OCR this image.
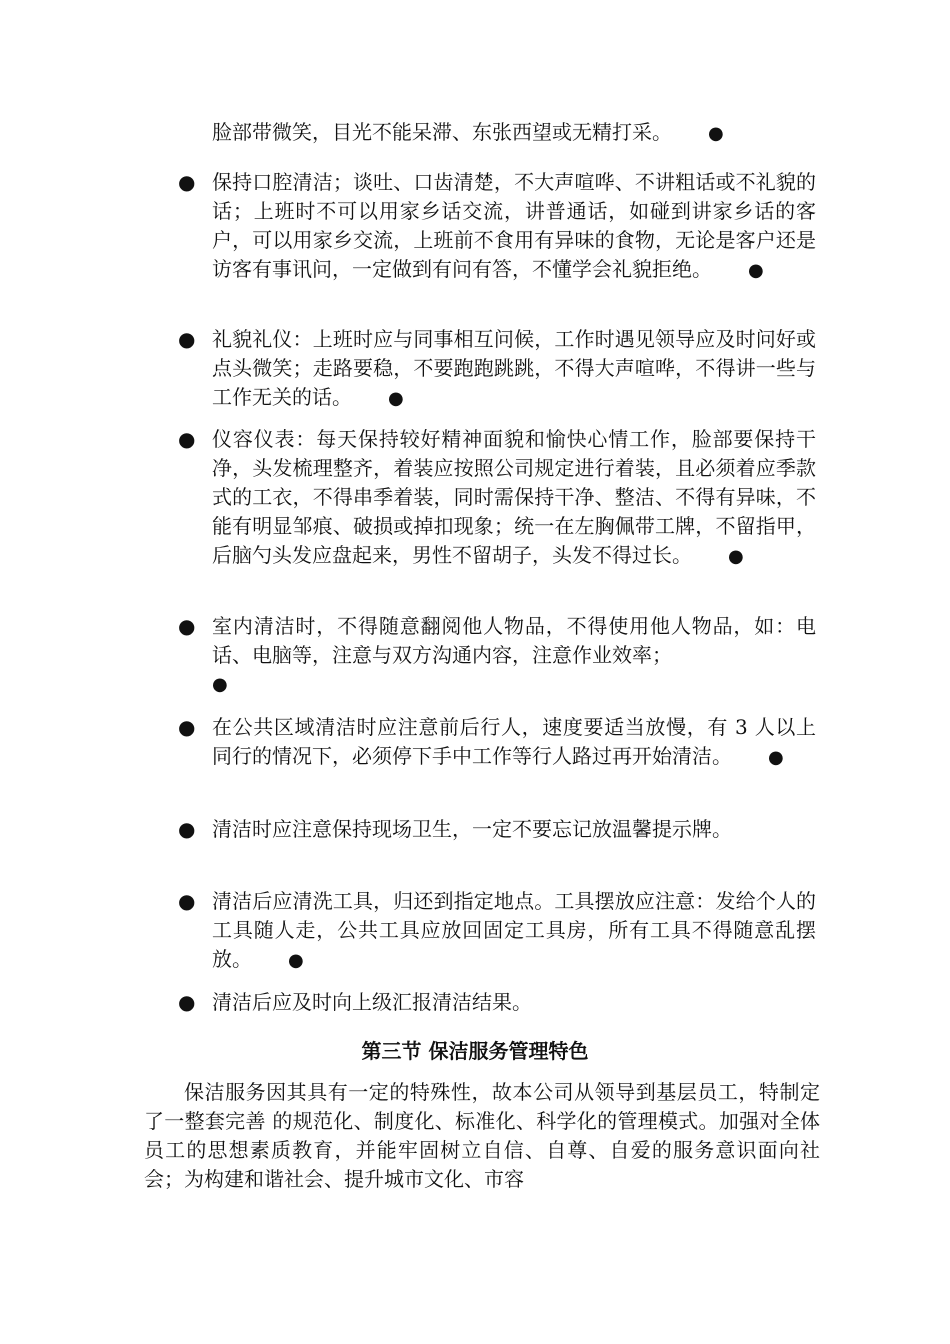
脸部带微笑，目光不能呆滞、东张西望或无精打采。 ●

● 保持口腔清洁；谈吐、口齿清楚，不大声喧哗、不讲粗话或不礼貌的话；上班时不可以用家乡话交流，讲普通话，如碰到讲家乡话的客户，可以用家乡交流，上班前不食用有异味的食物，无论是客户还是访客有事讯问，一定做到有问有答，不懂学会礼貌拒绝。 ●
● 礼貌礼仪：上班时应与同事相互问候，工作时遇见领导应及时问好或点头微笑；走路要稳，不要跑跑跳跳，不得大声喧哗，不得讲一些与工作无关的话。 ●
● 仪容仪表：每天保持较好精神面貌和愉快心情工作，脸部要保持干净，头发梳理整齐，着装应按照公司规定进行着装，且必须着应季款式的工衣，不得串季着装，同时需保持干净、整洁、不得有异味，不能有明显邹痕、破损或掉扣现象；统一在左胸佩带工牌，不留指甲，后脑勺头发应盘起来，男性不留胡子，头发不得过长。 ●
● 室内清洁时，不得随意翻阅他人物品，不得使用他人物品，如：电话、电脑等，注意与双方沟通内容，注意作业效率；
●
● 在公共区域清洁时应注意前后行人，速度要适当放慢，有 3 人以上同行的情况下，必须停下手中工作等行人路过再开始清洁。 ●
● 清洁时应注意保持现场卫生，一定不要忘记放温馨提示牌。
● 清洁后应清洗工具，归还到指定地点。工具摆放应注意：发给个人的工具随人走，公共工具应放回固定工具房，所有工具不得随意乱摆放。 ●
● 清洁后应及时向上级汇报清洁结果。
第三节 保洁服务管理特色

保洁服务因其具有一定的特殊性，故本公司从领导到基层员工，特制定了一整套完善 的规范化、制度化、标准化、科学化的管理模式。加强对全体员工的思想素质教育，并能牢固树立自信、自尊、自爱的服务意识面向社会；为构建和谐社会、提升城市文化、市容
